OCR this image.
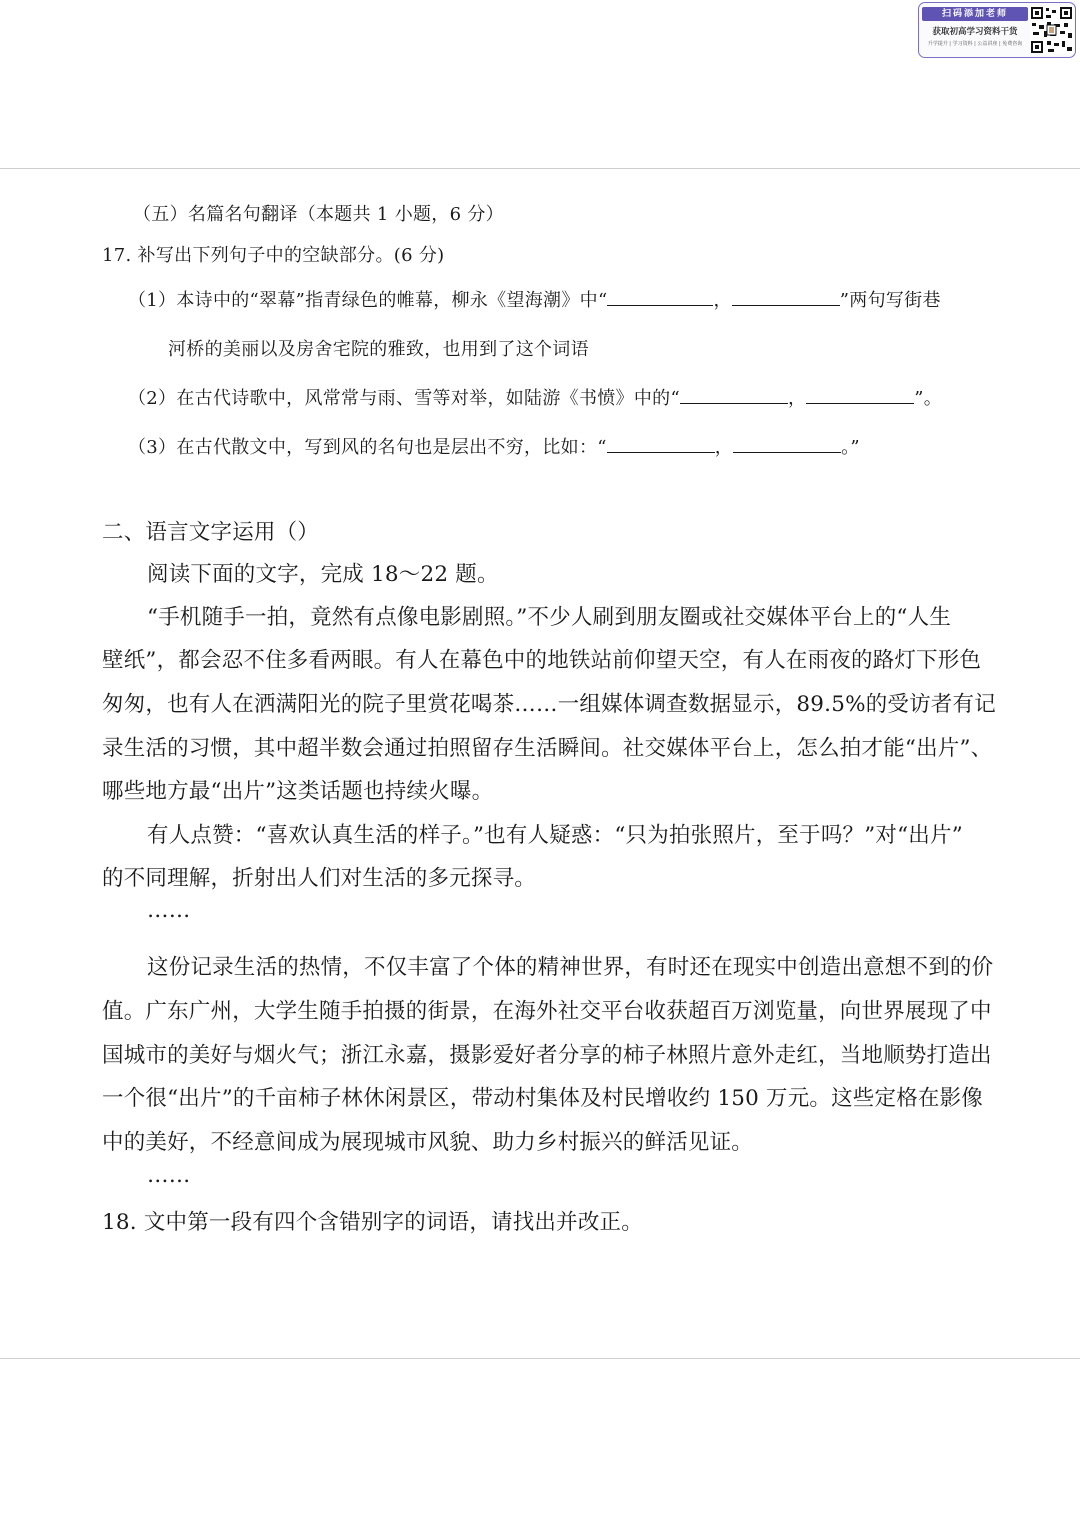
扫码添加老师
获取初高学习资料干货
升学提升 | 学习资料 | 公益讲座 | 免费咨询
（五）名篇名句翻译（本题共 1 小题，6 分）
17. 补写出下列句子中的空缺部分。(6 分)
（1）本诗中的“翠幕”指青绿色的帷幕，柳永《望海潮》中“	，	”两句写街巷
河桥的美丽以及房舍宅院的雅致，也用到了这个词语
（2）在古代诗歌中，风常常与雨、雪等对举，如陆游《书愤》中的“	，	”。
（3）在古代散文中，写到风的名句也是层出不穷，比如：“	，	。”
二、语言文字运用（）
阅读下面的文字，完成 18～22 题。
“手机随手一拍，竟然有点像电影剧照。”不少人刷到朋友圈或社交媒体平台上的“人生
壁纸”，都会忍不住多看两眼。有人在幕色中的地铁站前仰望天空，有人在雨夜的路灯下形色
匆匆，也有人在洒满阳光的院子里赏花喝茶……一组媒体调查数据显示，89.5%的受访者有记
录生活的习惯，其中超半数会通过拍照留存生活瞬间。社交媒体平台上，怎么拍才能“出片”、
哪些地方最“出片”这类话题也持续火曝。
有人点赞：“喜欢认真生活的样子。”也有人疑惑：“只为拍张照片，至于吗？”对“出片”
的不同理解，折射出人们对生活的多元探寻。
……
这份记录生活的热情，不仅丰富了个体的精神世界，有时还在现实中创造出意想不到的价
值。广东广州，大学生随手拍摄的街景，在海外社交平台收获超百万浏览量，向世界展现了中
国城市的美好与烟火气；浙江永嘉，摄影爱好者分享的柿子林照片意外走红，当地顺势打造出
一个很“出片”的千亩柿子林休闲景区，带动村集体及村民增收约 150 万元。这些定格在影像
中的美好，不经意间成为展现城市风貌、助力乡村振兴的鲜活见证。
……
18. 文中第一段有四个含错别字的词语，请找出并改正。
